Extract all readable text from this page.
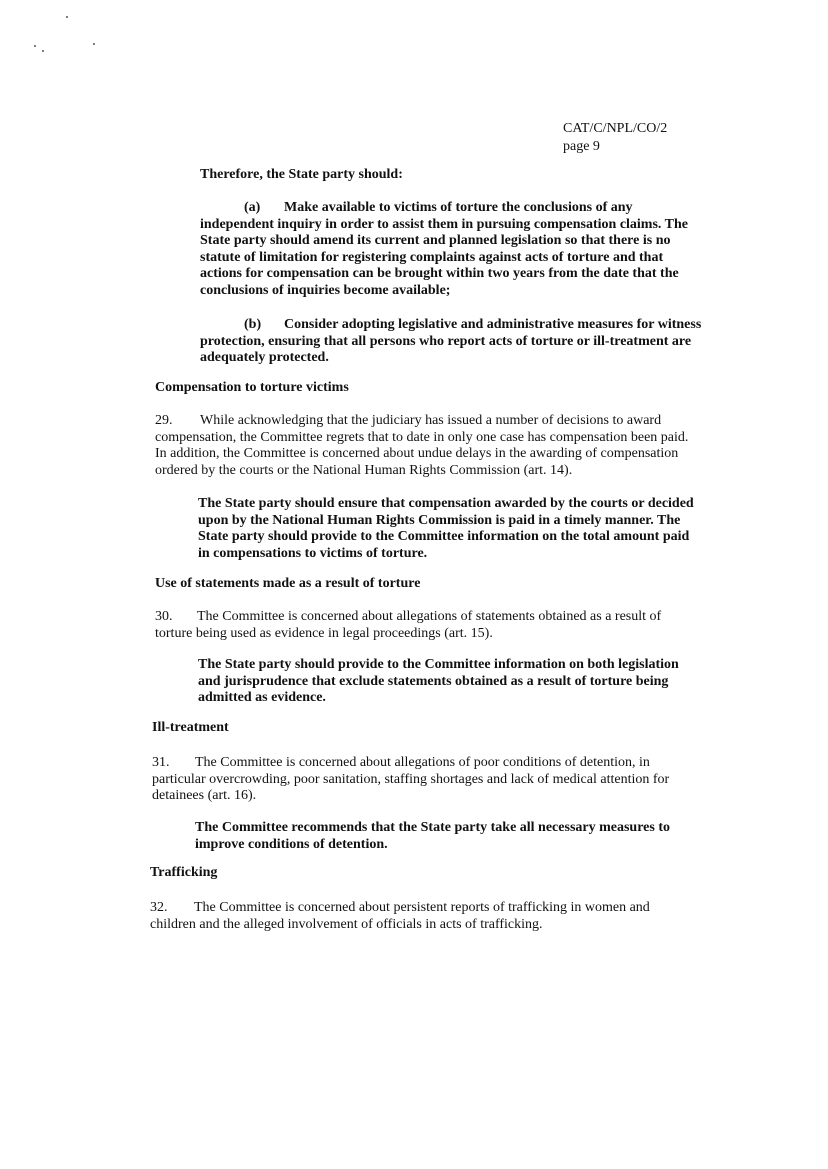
CAT/C/NPL/CO/2
page 9
Therefore, the State party should:
(a) Make available to victims of torture the conclusions of any
independent inquiry in order to assist them in pursuing compensation claims. The
State party should amend its current and planned legislation so that there is no
statute of limitation for registering complaints against acts of torture and that
actions for compensation can be brought within two years from the date that the
conclusions of inquiries become available;
(b) Consider adopting legislative and administrative measures for witness
protection, ensuring that all persons who report acts of torture or ill-treatment are
adequately protected.
Compensation to torture victims
29. While acknowledging that the judiciary has issued a number of decisions to award
compensation, the Committee regrets that to date in only one case has compensation been paid.
In addition, the Committee is concerned about undue delays in the awarding of compensation
ordered by the courts or the National Human Rights Commission (art. 14).
The State party should ensure that compensation awarded by the courts or decided
upon by the National Human Rights Commission is paid in a timely manner. The
State party should provide to the Committee information on the total amount paid
in compensations to victims of torture.
Use of statements made as a result of torture
30. The Committee is concerned about allegations of statements obtained as a result of
torture being used as evidence in legal proceedings (art. 15).
The State party should provide to the Committee information on both legislation
and jurisprudence that exclude statements obtained as a result of torture being
admitted as evidence.
Ill-treatment
31. The Committee is concerned about allegations of poor conditions of detention, in
particular overcrowding, poor sanitation, staffing shortages and lack of medical attention for
detainees (art. 16).
The Committee recommends that the State party take all necessary measures to
improve conditions of detention.
Trafficking
32. The Committee is concerned about persistent reports of trafficking in women and
children and the alleged involvement of officials in acts of trafficking.
